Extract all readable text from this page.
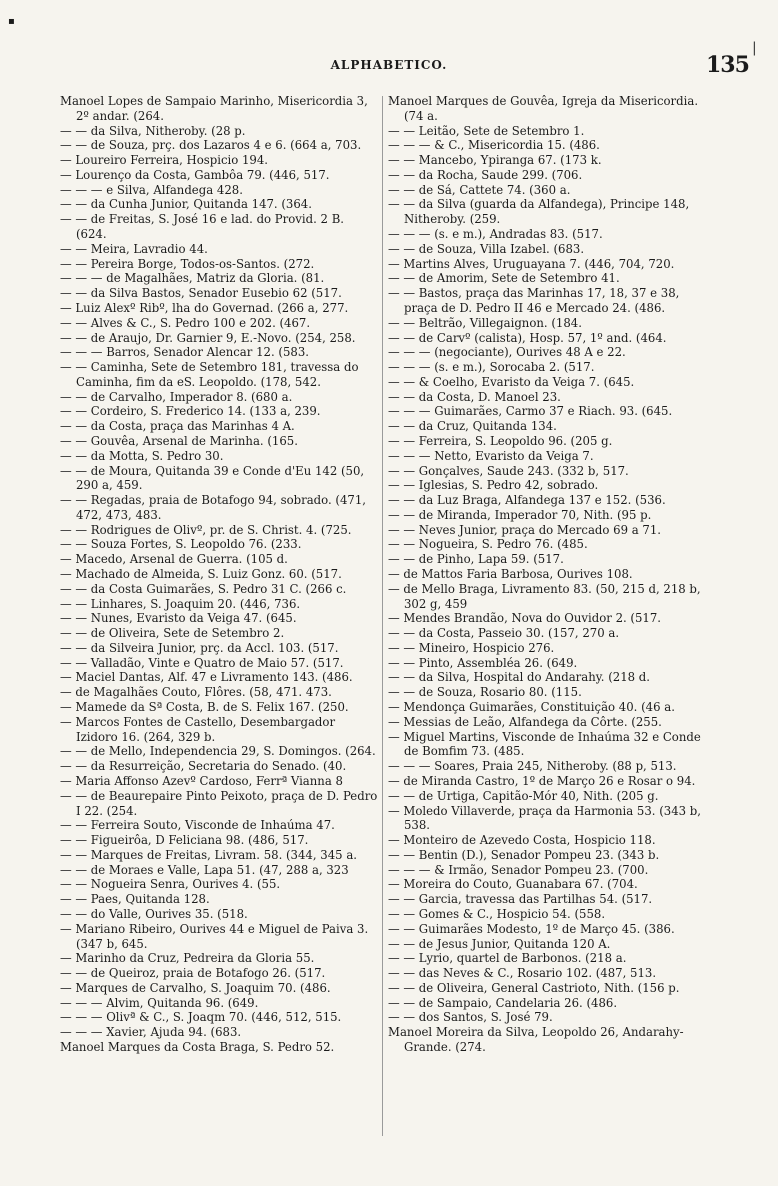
▪
ALPHABETICO.	135
|
Manoel Lopes de Sampaio Marinho, Misericordia 3, 2º andar. (264.
— — da Silva, Nitheroby. (28 p.
— — de Souza, prç. dos Lazaros 4 e 6. (664 a, 703.
— Loureiro Ferreira, Hospicio 194.
— Lourenço da Costa, Gambôa 79. (446, 517.
— — — e Silva, Alfandega 428.
— — da Cunha Junior, Quitanda 147. (364.
— — de Freitas, S. José 16 e lad. do Provid. 2 B. (624.
— — Meira, Lavradio 44.
— — Pereira Borge, Todos-os-Santos. (272.
— — — de Magalhães, Matriz da Gloria. (81.
— — da Silva Bastos, Senador Eusebio 62 (517.
— Luiz Alexº Ribº, lha do Governad. (266 a, 277.
— — Alves & C., S. Pedro 100 e 202. (467.
— — de Araujo, Dr. Garnier 9, E.-Novo. (254, 258.
— — — Barros, Senador Alencar 12. (583.
— — Caminha, Sete de Setembro 181, travessa do Caminha, fim da eS. Leopoldo. (178, 542.
— — de Carvalho, Imperador 8. (680 a.
— — Cordeiro, S. Frederico 14. (133 a, 239.
— — da Costa, praça das Marinhas 4 A.
— — Gouvêa, Arsenal de Marinha. (165.
— — da Motta, S. Pedro 30.
— — de Moura, Quitanda 39 e Conde d'Eu 142 (50, 290 a, 459.
— — Regadas, praia de Botafogo 94, sobrado. (471, 472, 473, 483.
— — Rodrigues de Olivº, pr. de S. Christ. 4. (725.
— — Souza Fortes, S. Leopoldo 76. (233.
— Macedo, Arsenal de Guerra. (105 d.
— Machado de Almeida, S. Luiz Gonz. 60. (517.
— — da Costa Guimarães, S. Pedro 31 C. (266 c.
— — Linhares, S. Joaquim 20. (446, 736.
— — Nunes, Evaristo da Veiga 47. (645.
— — de Oliveira, Sete de Setembro 2.
— — da Silveira Junior, prç. da Accl. 103. (517.
— — Valladão, Vinte e Quatro de Maio 57. (517.
— Maciel Dantas, Alf. 47 e Livramento 143. (486.
— de Magalhães Couto, Flôres. (58, 471. 473.
— Mamede da Sª Costa, B. de S. Felix 167. (250.
— Marcos Fontes de Castello, Desembargador Izidoro 16. (264, 329 b.
— — de Mello, Independencia 29, S. Domingos. (264.
— — da Resurreição, Secretaria do Senado. (40.
— Maria Affonso Azevº Cardoso, Ferrª Vianna 8
— — de Beaurepaire Pinto Peixoto, praça de D. Pedro I 22. (254.
— — Ferreira Souto, Visconde de Inhaúma 47.
— — Figueirôa, D Feliciana 98. (486, 517.
— — Marques de Freitas, Livram. 58. (344, 345 a.
— — de Moraes e Valle, Lapa 51. (47, 288 a, 323
— — Nogueira Senra, Ourives 4. (55.
— — Paes, Quitanda 128.
— — do Valle, Ourives 35. (518.
— Mariano Ribeiro, Ourives 44 e Miguel de Paiva 3. (347 b, 645.
— Marinho da Cruz, Pedreira da Gloria 55.
— — de Queiroz, praia de Botafogo 26. (517.
— Marques de Carvalho, S. Joaquim 70. (486.
— — — Alvim, Quitanda 96. (649.
— — — Olivª & C., S. Joaqm 70. (446, 512, 515.
— — — Xavier, Ajuda 94. (683.
Manoel Marques da Costa Braga, S. Pedro 52.
Manoel Marques de Gouvêa, Igreja da Misericordia. (74 a.
— — Leitão, Sete de Setembro 1.
— — — & C., Misericordia 15. (486.
— — Mancebo, Ypiranga 67. (173 k.
— — da Rocha, Saude 299. (706.
— — de Sá, Cattete 74. (360 a.
— — da Silva (guarda da Alfandega), Principe 148, Nitheroby. (259.
— — — (s. e m.), Andradas 83. (517.
— — de Souza, Villa Izabel. (683.
— Martins Alves, Uruguayana 7. (446, 704, 720.
— — de Amorim, Sete de Setembro 41.
— — Bastos, praça das Marinhas 17, 18, 37 e 38, praça de D. Pedro II 46 e Mercado 24. (486.
— — Beltrão, Villegaignon. (184.
— — de Carvº (calista), Hosp. 57, 1º and. (464.
— — — (negociante), Ourives 48 A e 22.
— — — (s. e m.), Sorocaba 2. (517.
— — & Coelho, Evaristo da Veiga 7. (645.
— — da Costa, D. Manoel 23.
— — — Guimarães, Carmo 37 e Riach. 93. (645.
— — da Cruz, Quitanda 134.
— — Ferreira, S. Leopoldo 96. (205 g.
— — — Netto, Evaristo da Veiga 7.
— — Gonçalves, Saude 243. (332 b, 517.
— — Iglesias, S. Pedro 42, sobrado.
— — da Luz Braga, Alfandega 137 e 152. (536.
— — de Miranda, Imperador 70, Nith. (95 p.
— — Neves Junior, praça do Mercado 69 a 71.
— — Nogueira, S. Pedro 76. (485.
— — de Pinho, Lapa 59. (517.
— de Mattos Faria Barbosa, Ourives 108.
— de Mello Braga, Livramento 83. (50, 215 d, 218 b, 302 g, 459
— Mendes Brandão, Nova do Ouvidor 2. (517.
— — da Costa, Passeio 30. (157, 270 a.
— — Mineiro, Hospicio 276.
— — Pinto, Assembléa 26. (649.
— — da Silva, Hospital do Andarahy. (218 d.
— — de Souza, Rosario 80. (115.
— Mendonça Guimarães, Constituição 40. (46 a.
— Messias de Leão, Alfandega da Côrte. (255.
— Miguel Martins, Visconde de Inhaúma 32 e Conde de Bomfim 73. (485.
— — — Soares, Praia 245, Nitheroby. (88 p, 513.
— de Miranda Castro, 1º de Março 26 e Rosar o 94.
— — de Urtiga, Capitão-Mór 40, Nith. (205 g.
— Moledo Villaverde, praça da Harmonia 53. (343 b, 538.
— Monteiro de Azevedo Costa, Hospicio 118.
— — Bentin (D.), Senador Pompeu 23. (343 b.
— — — & Irmão, Senador Pompeu 23. (700.
— Moreira do Couto, Guanabara 67. (704.
— — Garcia, travessa das Partilhas 54. (517.
— — Gomes & C., Hospicio 54. (558.
— — Guimarães Modesto, 1º de Março 45. (386.
— — de Jesus Junior, Quitanda 120 A.
— — Lyrio, quartel de Barbonos. (218 a.
— — das Neves & C., Rosario 102. (487, 513.
— — de Oliveira, General Castrioto, Nith. (156 p.
— — de Sampaio, Candelaria 26. (486.
— — dos Santos, S. José 79.
Manoel Moreira da Silva, Leopoldo 26, Andarahy-Grande. (274.
